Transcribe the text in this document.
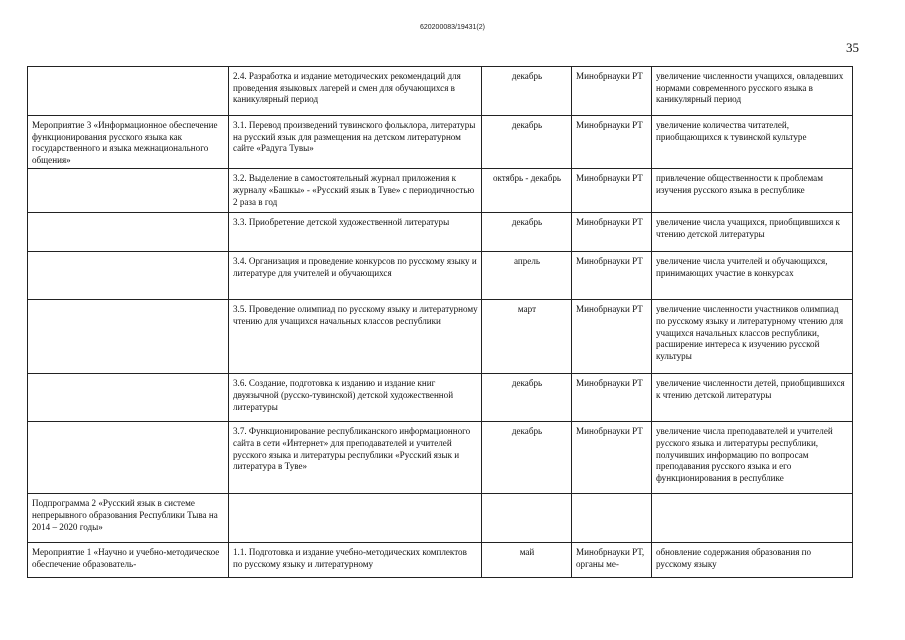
620200083/19431(2)
35
	2.4. Разработка и издание методических рекомендаций для проведения языковых лагерей и смен для обучающихся в каникулярный период	декабрь	Минобрнауки РТ	увеличение численности учащихся, овладевших нормами современного русского языка в каникулярный период
Мероприятие 3 «Информационное обеспечение функционирования русского языка как государственного и языка межнационального общения»	3.1. Перевод произведений тувинского фольклора, литературы на русский язык для размещения на детском литературном сайте «Радуга Тувы»	декабрь	Минобрнауки РТ	увеличение количества читателей, приобщающихся к тувинской культуре
	3.2. Выделение в самостоятельный журнал приложения к журналу «Башкы» - «Русский язык в Туве» с периодичностью 2 раза в год	октябрь - декабрь	Минобрнауки РТ	привлечение общественности к проблемам изучения русского языка в республике
	3.3. Приобретение детской художественной литературы	декабрь	Минобрнауки РТ	увеличение числа учащихся, приобщившихся к чтению детской литературы
	3.4. Организация и проведение конкурсов по русскому языку и литературе для учителей и обучающихся	апрель	Минобрнауки РТ	увеличение числа учителей и обучающихся, принимающих участие в конкурсах
	3.5. Проведение олимпиад по русскому языку и литературному чтению для учащихся начальных классов республики	март	Минобрнауки РТ	увеличение численности участников олимпиад по русскому языку и литературному чтению для учащихся начальных классов республики, расширение интереса к изучению русской культуры
	3.6. Создание, подготовка к изданию и издание книг двуязычной (русско-тувинской) детской художественной литературы	декабрь	Минобрнауки РТ	увеличение численности детей, приобщившихся к чтению детской литературы
	3.7. Функционирование республиканского информационного сайта в сети «Интернет» для преподавателей и учителей русского языка и литературы республики «Русский язык и литература в Туве»	декабрь	Минобрнауки РТ	увеличение числа преподавателей и учителей русского языка и литературы республики, получивших информацию по вопросам преподавания русского языка и его функционирования в республике
Подпрограмма 2 «Русский язык в системе непрерывного образования Республики Тыва на 2014 – 2020 годы»				
Мероприятие 1 «Научно и учебно-методическое обеспечение образователь-	1.1. Подготовка и издание учебно-методических комплектов по русскому языку и литературному	май	Минобрнауки РТ, органы ме-	обновление содержания образования по русскому языку
